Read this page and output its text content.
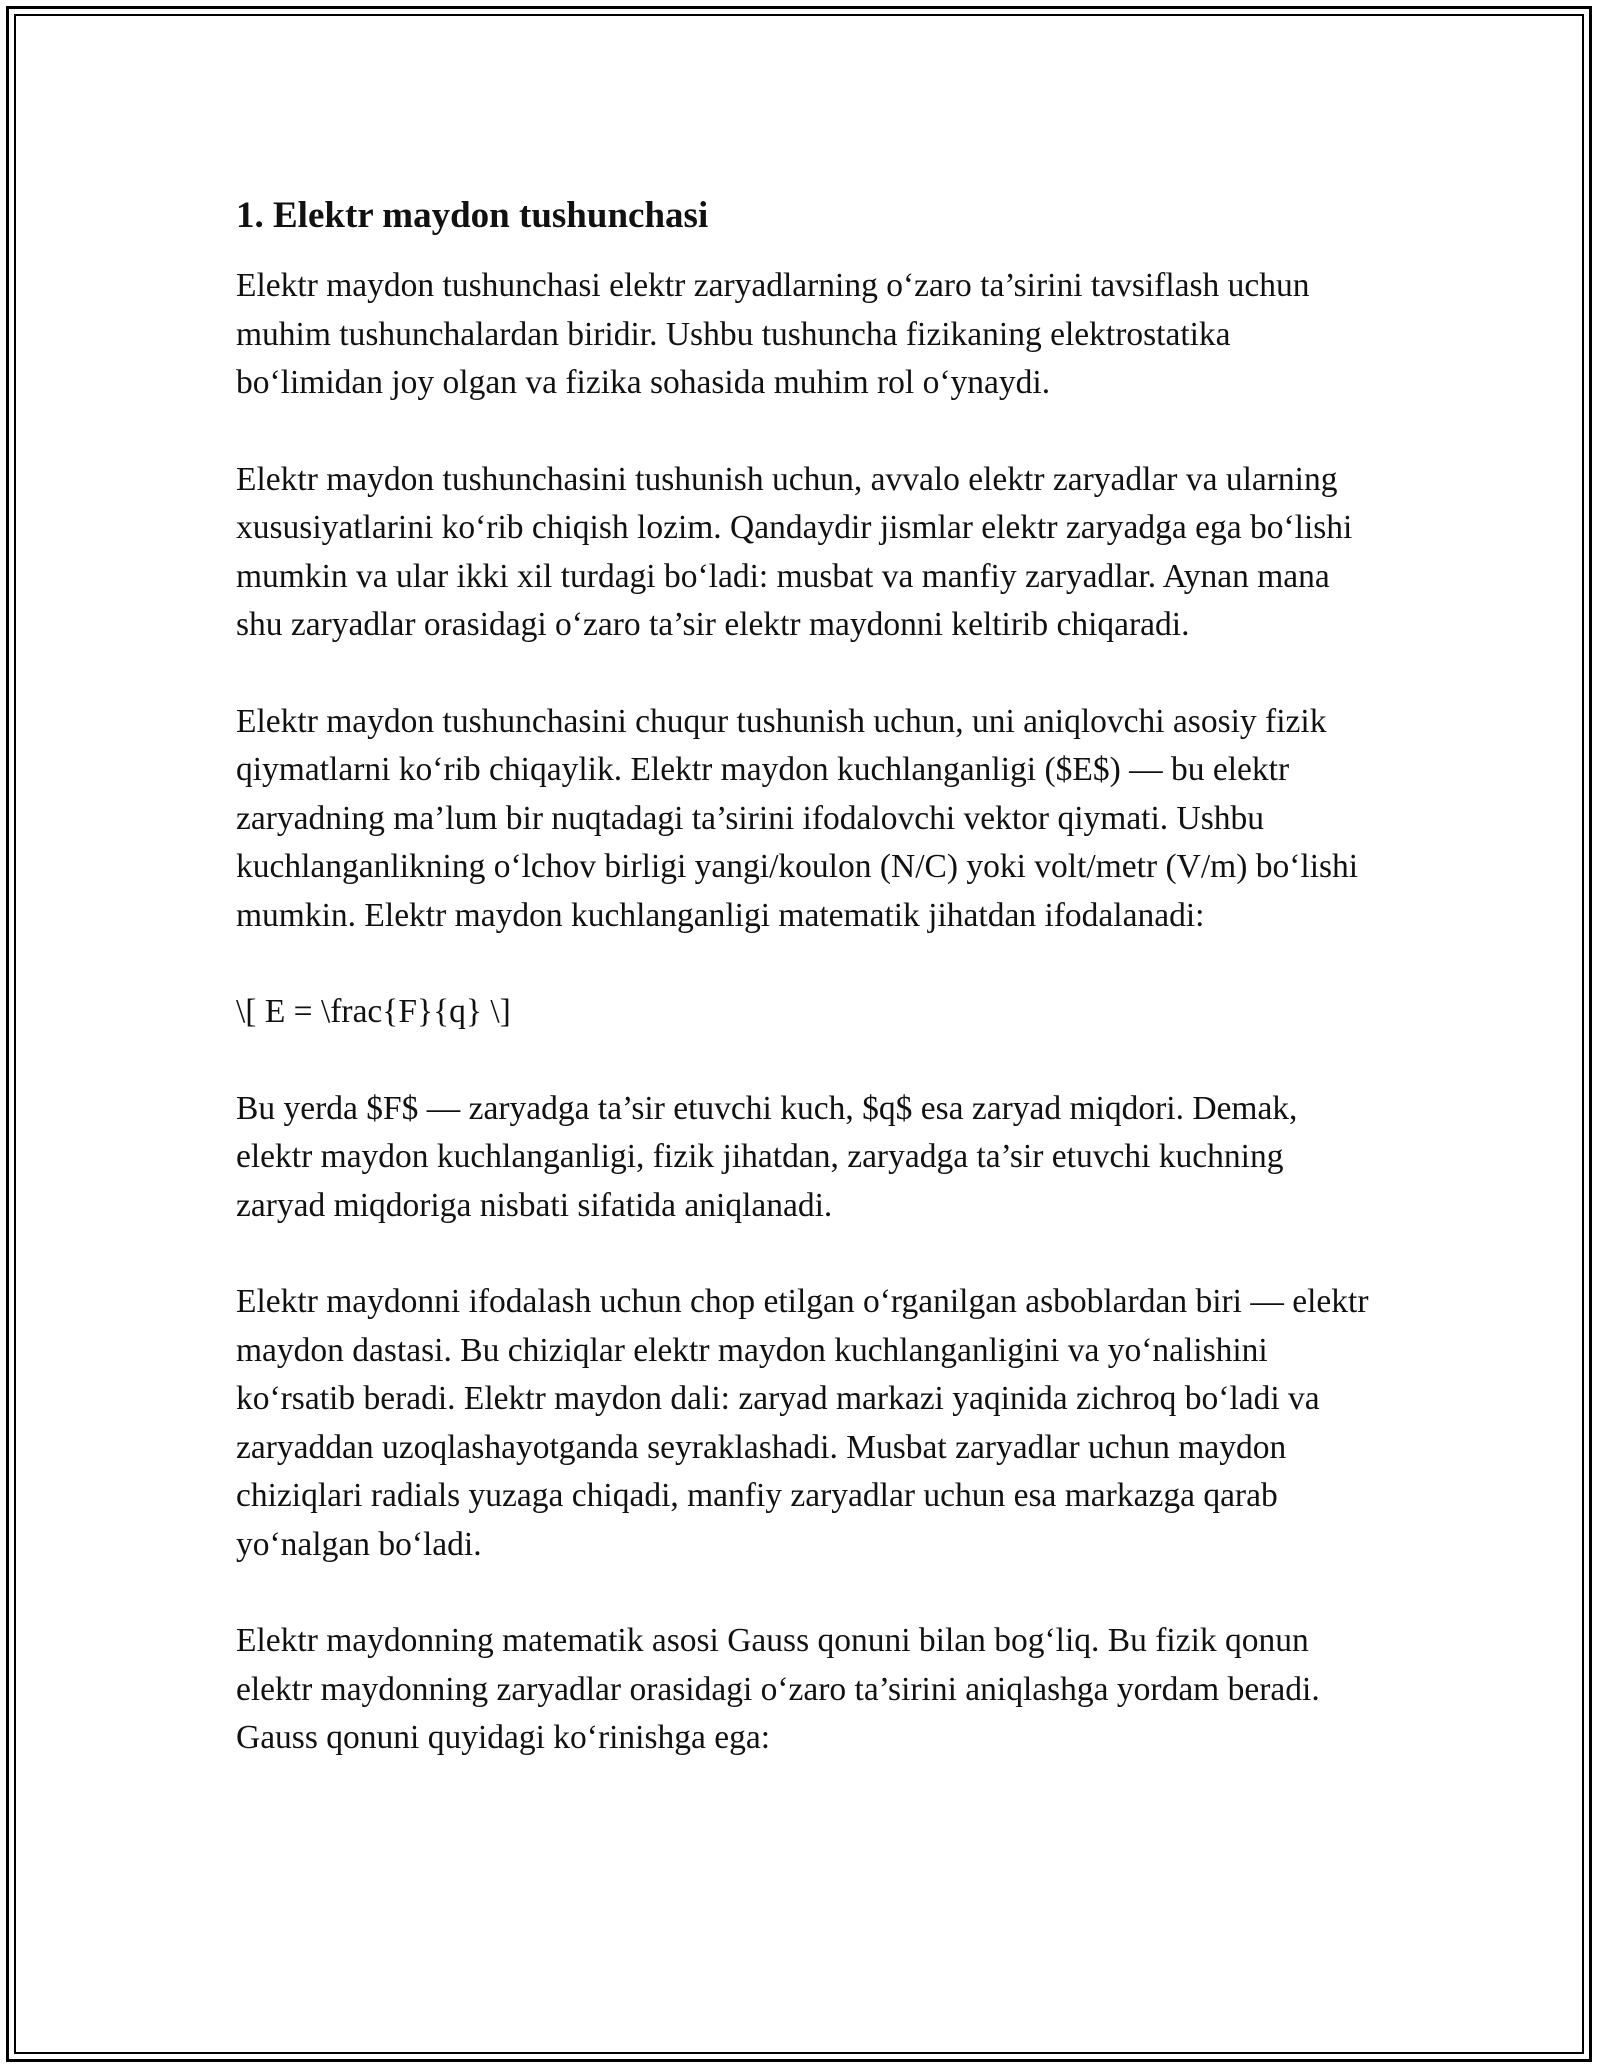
1. Elektr maydon tushunchasi

Elektr maydon tushunchasi elektr zaryadlarning o‘zaro ta’sirini tavsiflash uchun muhim tushunchalardan biridir. Ushbu tushuncha fizikaning elektrostatika bo‘limidan joy olgan va fizika sohasida muhim rol o‘ynaydi.

Elektr maydon tushunchasini tushunish uchun, avvalo elektr zaryadlar va ularning xususiyatlarini ko‘rib chiqish lozim. Qandaydir jismlar elektr zaryadga ega bo‘lishi mumkin va ular ikki xil turdagi bo‘ladi: musbat va manfiy zaryadlar. Aynan mana shu zaryadlar orasidagi o‘zaro ta’sir elektr maydonni keltirib chiqaradi.

Elektr maydon tushunchasini chuqur tushunish uchun, uni aniqlovchi asosiy fizik qiymatlarni ko‘rib chiqaylik. Elektr maydon kuchlanganligi ($E$) — bu elektr zaryadning ma’lum bir nuqtadagi ta’sirini ifodalovchi vektor qiymati. Ushbu kuchlanganlikning o‘lchov birligi yangi/koulon (N/C) yoki volt/metr (V/m) bo‘lishi mumkin. Elektr maydon kuchlanganligi matematik jihatdan ifodalanadi:

\[ E = \frac{F}{q} \]

Bu yerda $F$ — zaryadga ta’sir etuvchi kuch, $q$ esa zaryad miqdori. Demak, elektr maydon kuchlanganligi, fizik jihatdan, zaryadga ta’sir etuvchi kuchning zaryad miqdoriga nisbati sifatida aniqlanadi.

Elektr maydonni ifodalash uchun chop etilgan o‘rganilgan asboblardan biri — elektr maydon dastasi. Bu chiziqlar elektr maydon kuchlanganligini va yo‘nalishini ko‘rsatib beradi. Elektr maydon dali: zaryad markazi yaqinida zichroq bo‘ladi va zaryaddan uzoqlashayotganda seyraklashadi. Musbat zaryadlar uchun maydon chiziqlari radials yuzaga chiqadi, manfiy zaryadlar uchun esa markazga qarab yo‘nalgan bo‘ladi.

Elektr maydonning matematik asosi Gauss qonuni bilan bog‘liq. Bu fizik qonun elektr maydonning zaryadlar orasidagi o‘zaro ta’sirini aniqlashga yordam beradi. Gauss qonuni quyidagi ko‘rinishga ega:
